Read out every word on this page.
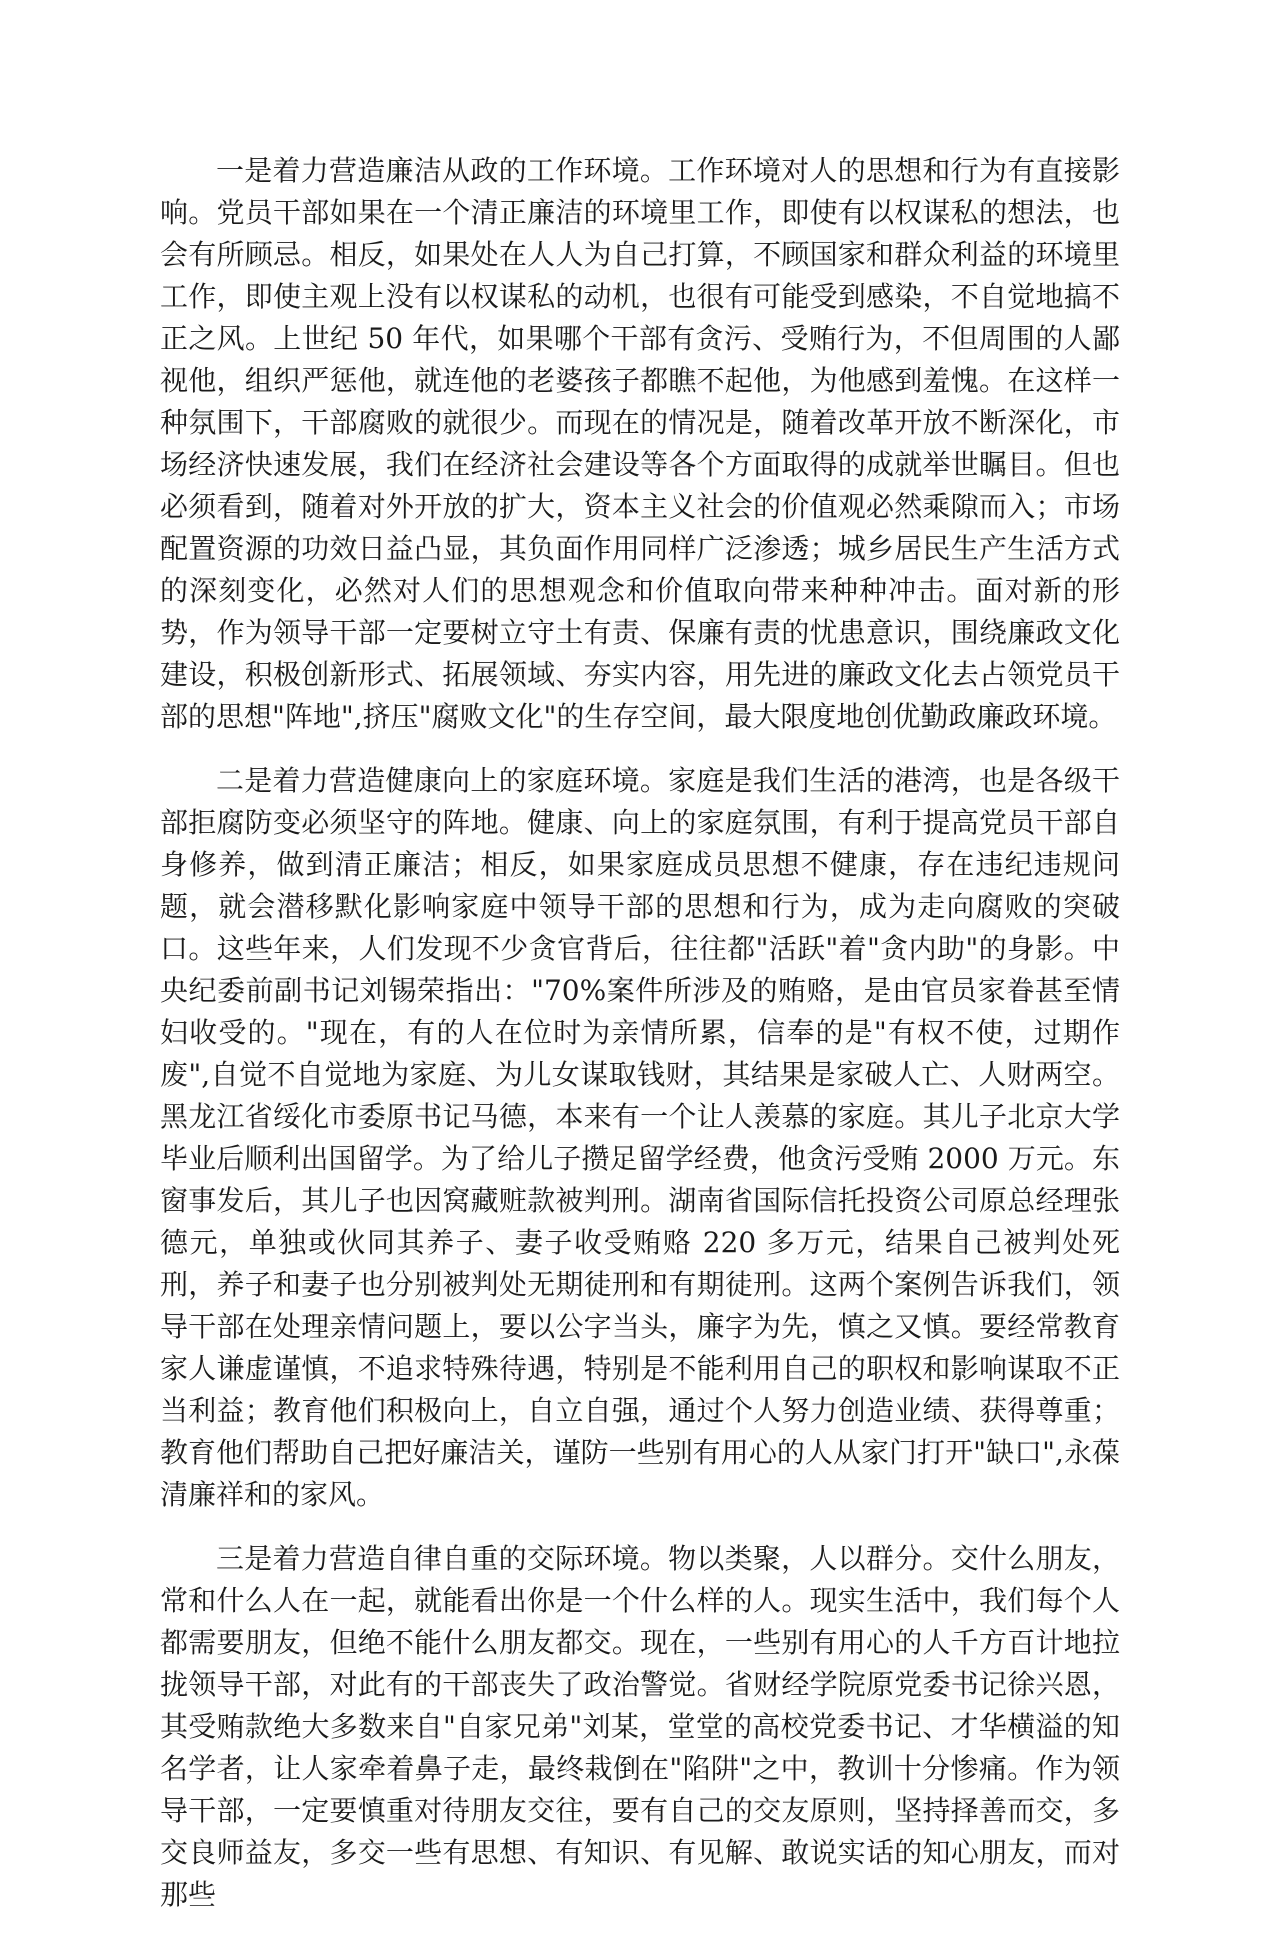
一是着力营造廉洁从政的工作环境。工作环境对人的思想和行为有直接影响。党员干部如果在一个清正廉洁的环境里工作，即使有以权谋私的想法，也会有所顾忌。相反，如果处在人人为自己打算，不顾国家和群众利益的环境里工作，即使主观上没有以权谋私的动机，也很有可能受到感染，不自觉地搞不正之风。上世纪 50 年代，如果哪个干部有贪污、受贿行为，不但周围的人鄙视他，组织严惩他，就连他的老婆孩子都瞧不起他，为他感到羞愧。在这样一种氛围下，干部腐败的就很少。而现在的情况是，随着改革开放不断深化，市场经济快速发展，我们在经济社会建设等各个方面取得的成就举世瞩目。但也必须看到，随着对外开放的扩大，资本主义社会的价值观必然乘隙而入；市场配置资源的功效日益凸显，其负面作用同样广泛渗透；城乡居民生产生活方式的深刻变化，必然对人们的思想观念和价值取向带来种种冲击。面对新的形势，作为领导干部一定要树立守土有责、保廉有责的忧患意识，围绕廉政文化建设，积极创新形式、拓展领域、夯实内容，用先进的廉政文化去占领党员干部的思想"阵地",挤压"腐败文化"的生存空间，最大限度地创优勤政廉政环境。

二是着力营造健康向上的家庭环境。家庭是我们生活的港湾，也是各级干部拒腐防变必须坚守的阵地。健康、向上的家庭氛围，有利于提高党员干部自身修养，做到清正廉洁；相反，如果家庭成员思想不健康，存在违纪违规问题，就会潜移默化影响家庭中领导干部的思想和行为，成为走向腐败的突破口。这些年来，人们发现不少贪官背后，往往都"活跃"着"贪内助"的身影。中央纪委前副书记刘锡荣指出："70%案件所涉及的贿赂，是由官员家眷甚至情妇收受的。"现在，有的人在位时为亲情所累，信奉的是"有权不使，过期作废",自觉不自觉地为家庭、为儿女谋取钱财，其结果是家破人亡、人财两空。黑龙江省绥化市委原书记马德，本来有一个让人羡慕的家庭。其儿子北京大学毕业后顺利出国留学。为了给儿子攒足留学经费，他贪污受贿 2000 万元。东窗事发后，其儿子也因窝藏赃款被判刑。湖南省国际信托投资公司原总经理张德元，单独或伙同其养子、妻子收受贿赂 220 多万元，结果自己被判处死刑，养子和妻子也分别被判处无期徒刑和有期徒刑。这两个案例告诉我们，领导干部在处理亲情问题上，要以公字当头，廉字为先，慎之又慎。要经常教育家人谦虚谨慎，不追求特殊待遇，特别是不能利用自己的职权和影响谋取不正当利益；教育他们积极向上，自立自强，通过个人努力创造业绩、获得尊重；教育他们帮助自己把好廉洁关，谨防一些别有用心的人从家门打开"缺口",永葆清廉祥和的家风。

三是着力营造自律自重的交际环境。物以类聚，人以群分。交什么朋友，常和什么人在一起，就能看出你是一个什么样的人。现实生活中，我们每个人都需要朋友，但绝不能什么朋友都交。现在，一些别有用心的人千方百计地拉拢领导干部，对此有的干部丧失了政治警觉。省财经学院原党委书记徐兴恩，其受贿款绝大多数来自"自家兄弟"刘某，堂堂的高校党委书记、才华横溢的知名学者，让人家牵着鼻子走，最终栽倒在"陷阱"之中，教训十分惨痛。作为领导干部，一定要慎重对待朋友交往，要有自己的交友原则，坚持择善而交，多交良师益友，多交一些有思想、有知识、有见解、敢说实话的知心朋友，而对那些
